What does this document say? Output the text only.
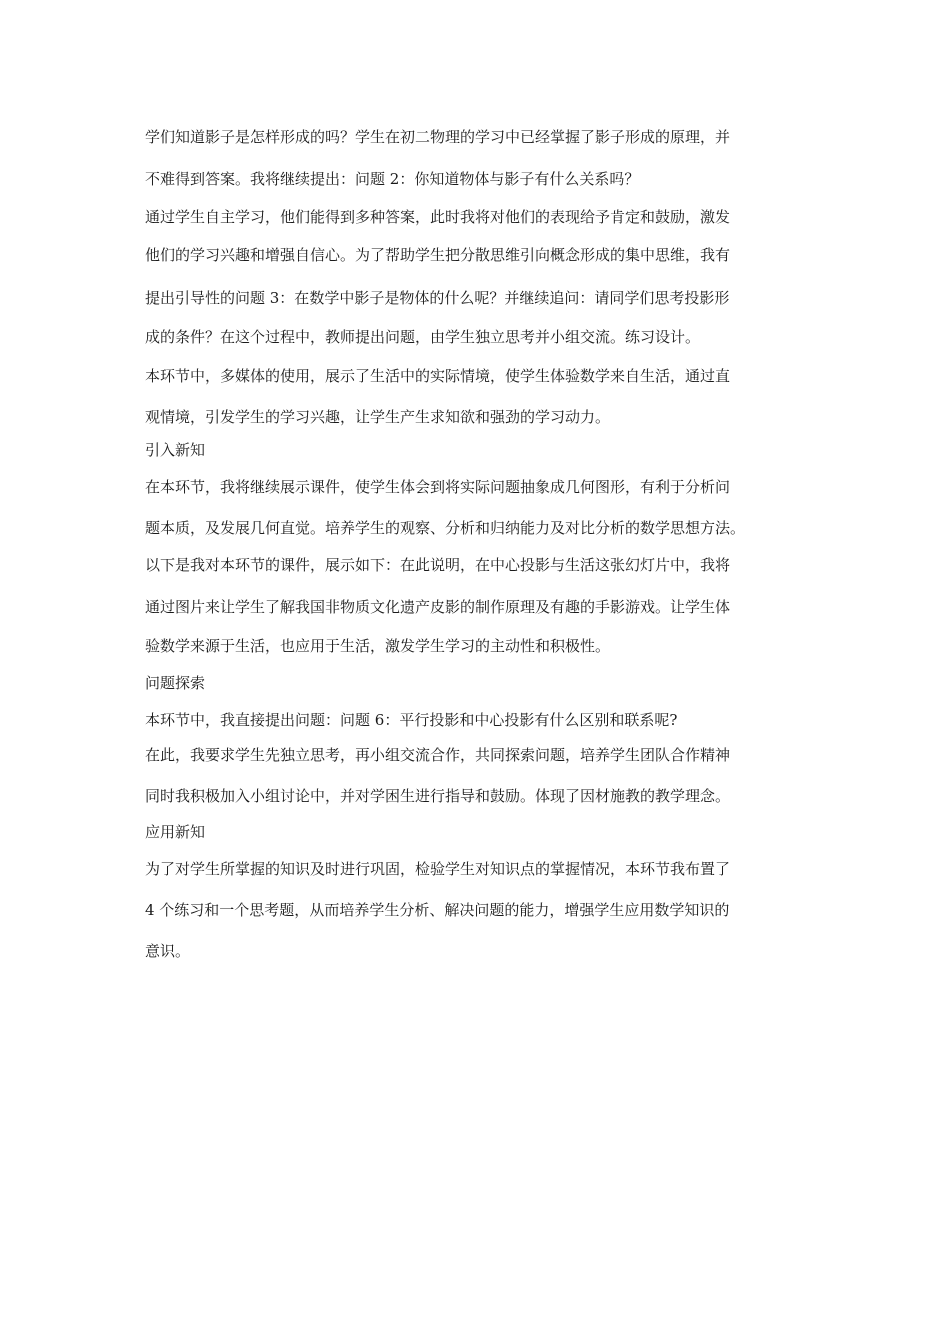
学们知道影子是怎样形成的吗？学生在初二物理的学习中已经掌握了影子形成的原理，并

不难得到答案。我将继续提出：问题 2：你知道物体与影子有什么关系吗？

通过学生自主学习，他们能得到多种答案，此时我将对他们的表现给予肯定和鼓励，激发

他们的学习兴趣和增强自信心。为了帮助学生把分散思维引向概念形成的集中思维，我有

提出引导性的问题 3：在数学中影子是物体的什么呢？并继续追问：请同学们思考投影形

成的条件？在这个过程中，教师提出问题，由学生独立思考并小组交流。练习设计。

本环节中，多媒体的使用，展示了生活中的实际情境，使学生体验数学来自生活，通过直

观情境，引发学生的学习兴趣，让学生产生求知欲和强劲的学习动力。

引入新知

在本环节，我将继续展示课件，使学生体会到将实际问题抽象成几何图形，有利于分析问

题本质，及发展几何直觉。培养学生的观察、分析和归纳能力及对比分析的数学思想方法。

以下是我对本环节的课件，展示如下：在此说明，在中心投影与生活这张幻灯片中，我将

通过图片来让学生了解我国非物质文化遗产皮影的制作原理及有趣的手影游戏。让学生体

验数学来源于生活，也应用于生活，激发学生学习的主动性和积极性。

问题探索

本环节中，我直接提出问题：问题 6：平行投影和中心投影有什么区别和联系呢?

在此，我要求学生先独立思考，再小组交流合作，共同探索问题，培养学生团队合作精神

同时我积极加入小组讨论中，并对学困生进行指导和鼓励。体现了因材施教的教学理念。

应用新知

为了对学生所掌握的知识及时进行巩固，检验学生对知识点的掌握情况，本环节我布置了

4 个练习和一个思考题，从而培养学生分析、解决问题的能力，增强学生应用数学知识的

意识。
